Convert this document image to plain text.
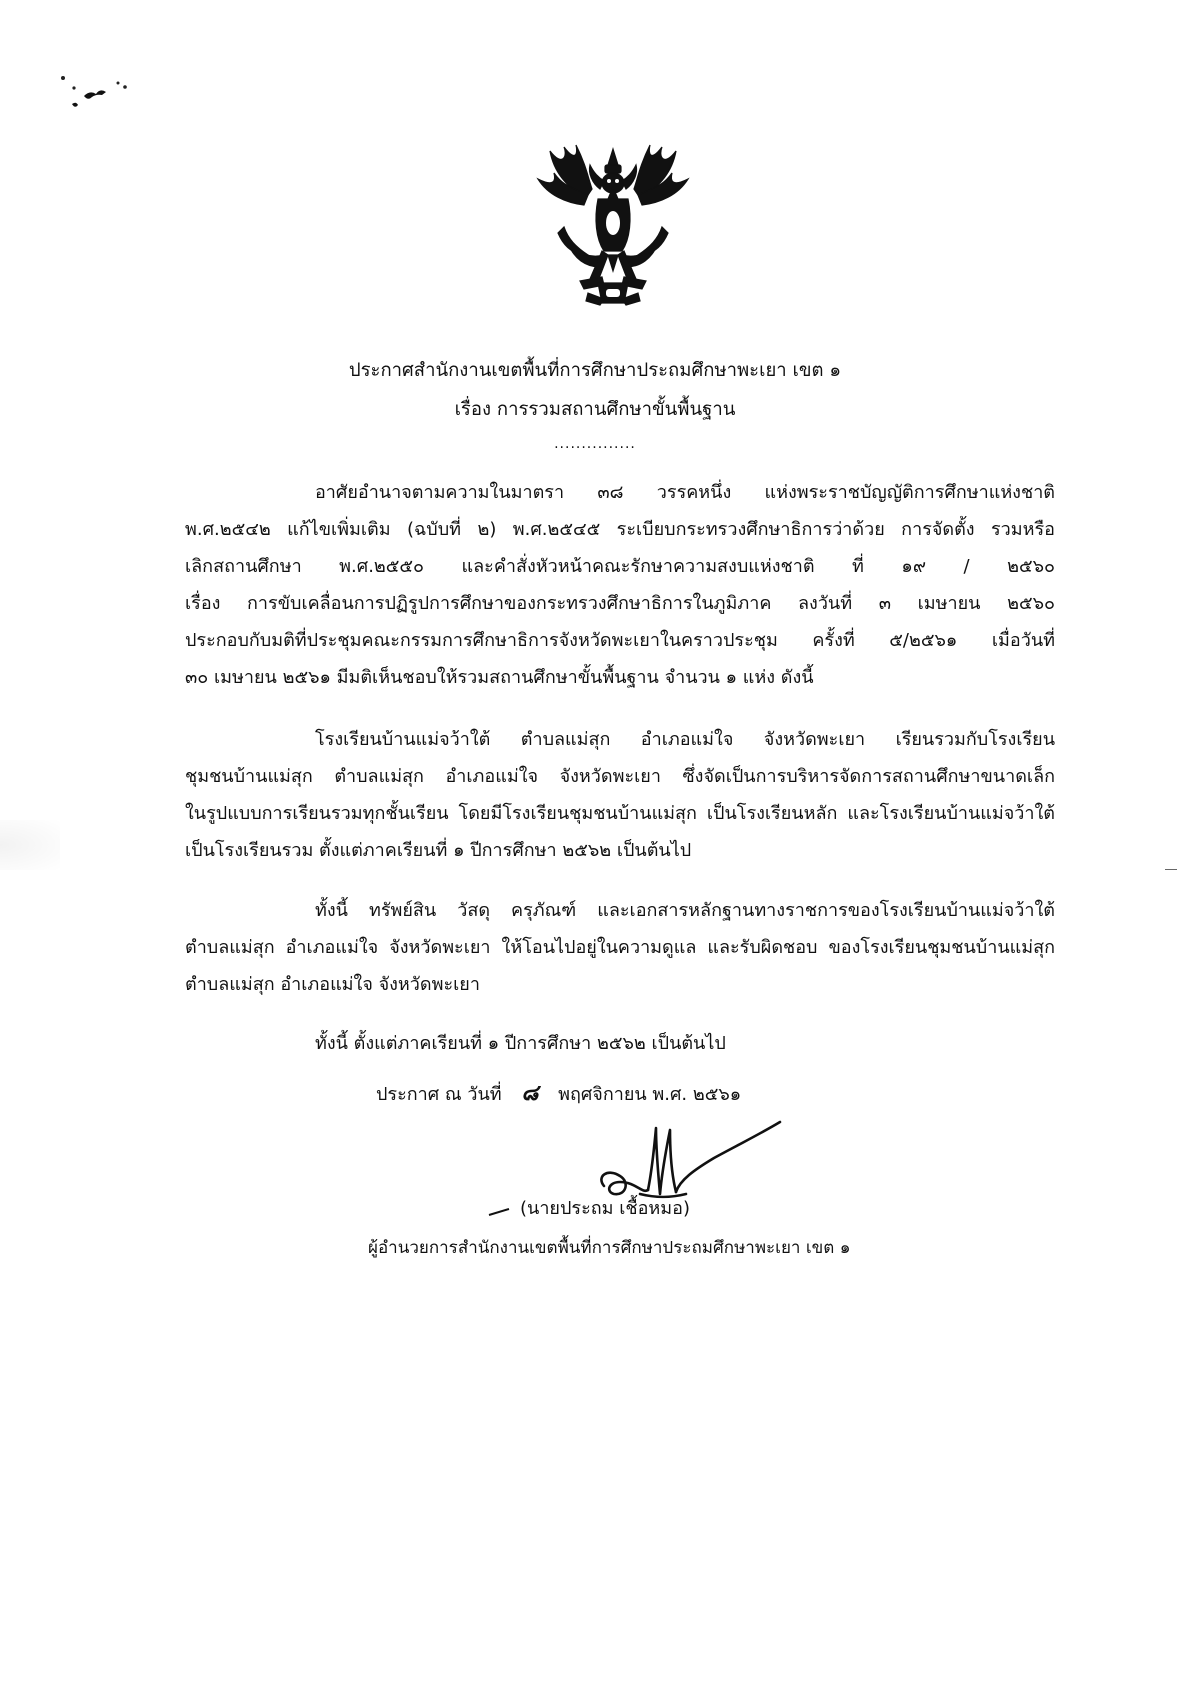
ประกาศสำนักงานเขตพื้นที่การศึกษาประถมศึกษาพะเยา เขต ๑
เรื่อง การรวมสถานศึกษาขั้นพื้นฐาน
...............
อาศัยอำนาจตามความในมาตรา ๓๘ วรรคหนึ่ง แห่งพระราชบัญญัติการศึกษาแห่งชาติ
พ.ศ.๒๕๔๒ แก้ไขเพิ่มเติม (ฉบับที่ ๒) พ.ศ.๒๕๔๕ ระเบียบกระทรวงศึกษาธิการว่าด้วย การจัดตั้ง รวมหรือ
เลิกสถานศึกษา พ.ศ.๒๕๕๐ และคำสั่งหัวหน้าคณะรักษาความสงบแห่งชาติ ที่ ๑๙ / ๒๕๖๐
เรื่อง การขับเคลื่อนการปฏิรูปการศึกษาของกระทรวงศึกษาธิการในภูมิภาค ลงวันที่ ๓ เมษายน ๒๕๖๐
ประกอบกับมติที่ประชุมคณะกรรมการศึกษาธิการจังหวัดพะเยาในคราวประชุม ครั้งที่ ๕/๒๕๖๑ เมื่อวันที่
๓๐ เมษายน ๒๕๖๑ มีมติเห็นชอบให้รวมสถานศึกษาขั้นพื้นฐาน จำนวน ๑ แห่ง ดังนี้
โรงเรียนบ้านแม่จว้าใต้ ตำบลแม่สุก อำเภอแม่ใจ จังหวัดพะเยา เรียนรวมกับโรงเรียน
ชุมชนบ้านแม่สุก ตำบลแม่สุก อำเภอแม่ใจ จังหวัดพะเยา ซึ่งจัดเป็นการบริหารจัดการสถานศึกษาขนาดเล็ก
ในรูปแบบการเรียนรวมทุกชั้นเรียน โดยมีโรงเรียนชุมชนบ้านแม่สุก เป็นโรงเรียนหลัก และโรงเรียนบ้านแม่จว้าใต้
เป็นโรงเรียนรวม ตั้งแต่ภาคเรียนที่ ๑ ปีการศึกษา ๒๕๖๒ เป็นต้นไป
ทั้งนี้ ทรัพย์สิน วัสดุ ครุภัณฑ์ และเอกสารหลักฐานทางราชการของโรงเรียนบ้านแม่จว้าใต้
ตำบลแม่สุก อำเภอแม่ใจ จังหวัดพะเยา ให้โอนไปอยู่ในความดูแล และรับผิดชอบ ของโรงเรียนชุมชนบ้านแม่สุก
ตำบลแม่สุก อำเภอแม่ใจ จังหวัดพะเยา
ทั้งนี้ ตั้งแต่ภาคเรียนที่ ๑ ปีการศึกษา ๒๕๖๒ เป็นต้นไป
ประกาศ ณ วันที่ ๘ พฤศจิกายน พ.ศ. ๒๕๖๑
(นายประถม เชื้อหมอ)
ผู้อำนวยการสำนักงานเขตพื้นที่การศึกษาประถมศึกษาพะเยา เขต ๑
